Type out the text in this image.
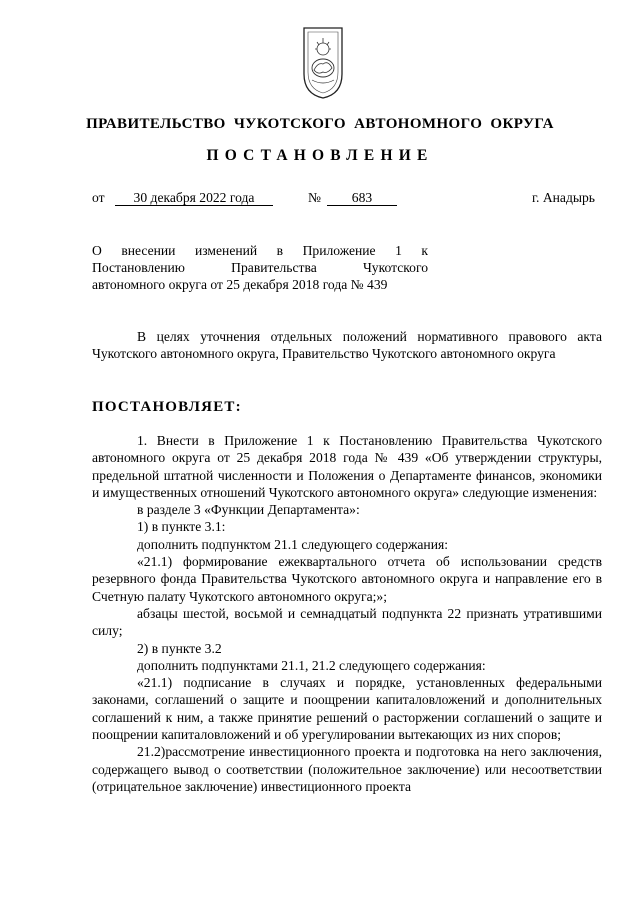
ПРАВИТЕЛЬСТВО ЧУКОТСКОГО АВТОНОМНОГО ОКРУГА
ПОСТАНОВЛЕНИЕ
от	30 декабря 2022 года	№	683	г. Анадырь
О внесении изменений в Приложение 1 к
Постановлению Правительства Чукотского
автономного округа от 25 декабря 2018 года № 439

В целях уточнения отдельных положений нормативного правового акта Чукотского автономного округа, Правительство Чукотского автономного округа

ПОСТАНОВЛЯЕТ:

1. Внести в Приложение 1 к Постановлению Правительства Чукотского автономного округа от 25 декабря 2018 года № 439 «Об утверждении структуры, предельной штатной численности и Положения о Департаменте финансов, экономики и имущественных отношений Чукотского автономного округа» следующие изменения:

в разделе 3 «Функции Департамента»:

1) в пункте 3.1:

дополнить подпунктом 21.1 следующего содержания:

«21.1) формирование ежеквартального отчета об использовании средств резервного фонда Правительства Чукотского автономного округа и направление его в Счетную палату Чукотского автономного округа;»;

абзацы шестой, восьмой и семнадцатый подпункта 22 признать утратившими силу;

2) в пункте 3.2

дополнить подпунктами 21.1, 21.2 следующего содержания:

«21.1) подписание в случаях и порядке, установленных федеральными законами, соглашений о защите и поощрении капиталовложений и дополнительных соглашений к ним, а также принятие решений о расторжении соглашений о защите и поощрении капиталовложений и об урегулировании вытекающих из них споров;

21.2)рассмотрение инвестиционного проекта и подготовка на него заключения, содержащего вывод о соответствии (положительное заключение) или несоответствии (отрицательное заключение) инвестиционного проекта
